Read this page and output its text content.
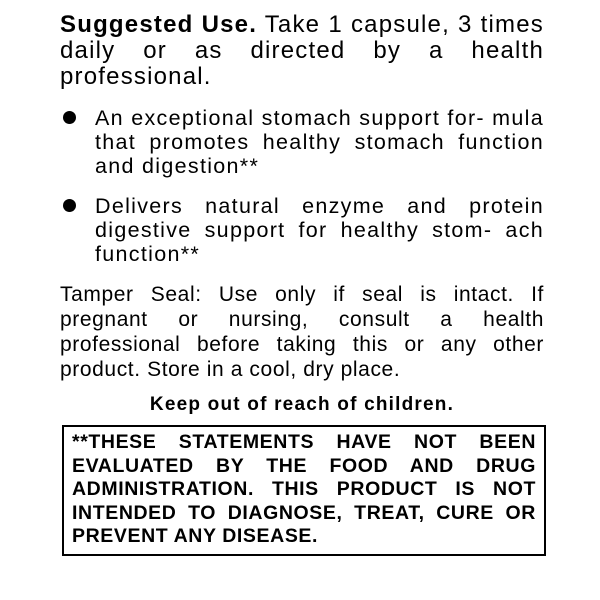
Suggested Use. Take 1 capsule, 3 times daily or as directed by a health professional.

An exceptional stomach support for- mula that promotes healthy stomach function and digestion**
Delivers natural enzyme and protein digestive support for healthy stom- ach function**

Tamper Seal: Use only if seal is intact. If pregnant or nursing, consult a health professional before taking this or any other product. Store in a cool, dry place.

Keep out of reach of children.

**THESE STATEMENTS HAVE NOT BEEN EVALUATED BY THE FOOD AND DRUG ADMINISTRATION. THIS PRODUCT IS NOT INTENDED TO DIAGNOSE, TREAT, CURE OR PREVENT ANY DISEASE.
